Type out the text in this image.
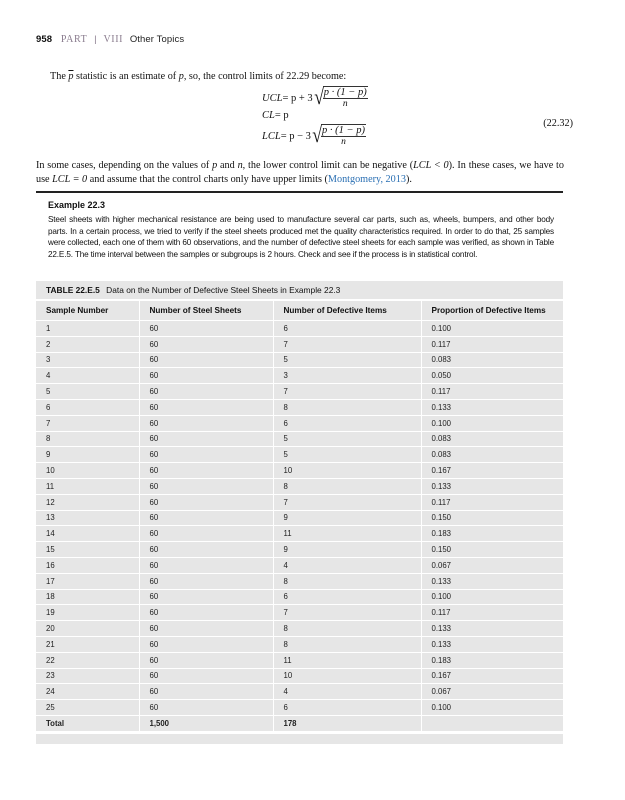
958 PART | VIII Other Topics
The $\overline{p}$ statistic is an estimate of p, so, the control limits of 22.29 become:
UCL = p + 3 √ $\frac{p \cdot (1 - p)}{n}$
CL = p
LCL = p − 3 √ $\frac{p \cdot (1 - p)}{n}$
(22.32)
In some cases, depending on the values of p and n, the lower control limit can be negative (LCL < 0). In these cases, we have to use LCL = 0 and assume that the control charts only have upper limits (Montgomery, 2013).
Example 22.3
Steel sheets with higher mechanical resistance are being used to manufacture several car parts, such as, wheels, bumpers, and other body parts. In a certain process, we tried to verify if the steel sheets produced met the quality characteristics required. In order to do that, 25 samples were collected, each one of them with 60 observations, and the number of defective steel sheets for each sample was verified, as shown in Table 22.E.5. The time interval between the samples or subgroups is 2 hours. Check and see if the process is in statistical control.
TABLE 22.E.5 Data on the Number of Defective Steel Sheets in Example 22.3
Sample Number	Number of Steel Sheets	Number of Defective Items	Proportion of Defective Items
1	60	6	0.100
2	60	7	0.117
3	60	5	0.083
4	60	3	0.050
5	60	7	0.117
6	60	8	0.133
7	60	6	0.100
8	60	5	0.083
9	60	5	0.083
10	60	10	0.167
11	60	8	0.133
12	60	7	0.117
13	60	9	0.150
14	60	11	0.183
15	60	9	0.150
16	60	4	0.067
17	60	8	0.133
18	60	6	0.100
19	60	7	0.117
20	60	8	0.133
21	60	8	0.133
22	60	11	0.183
23	60	10	0.167
24	60	4	0.067
25	60	6	0.100
Total	1,500	178	
